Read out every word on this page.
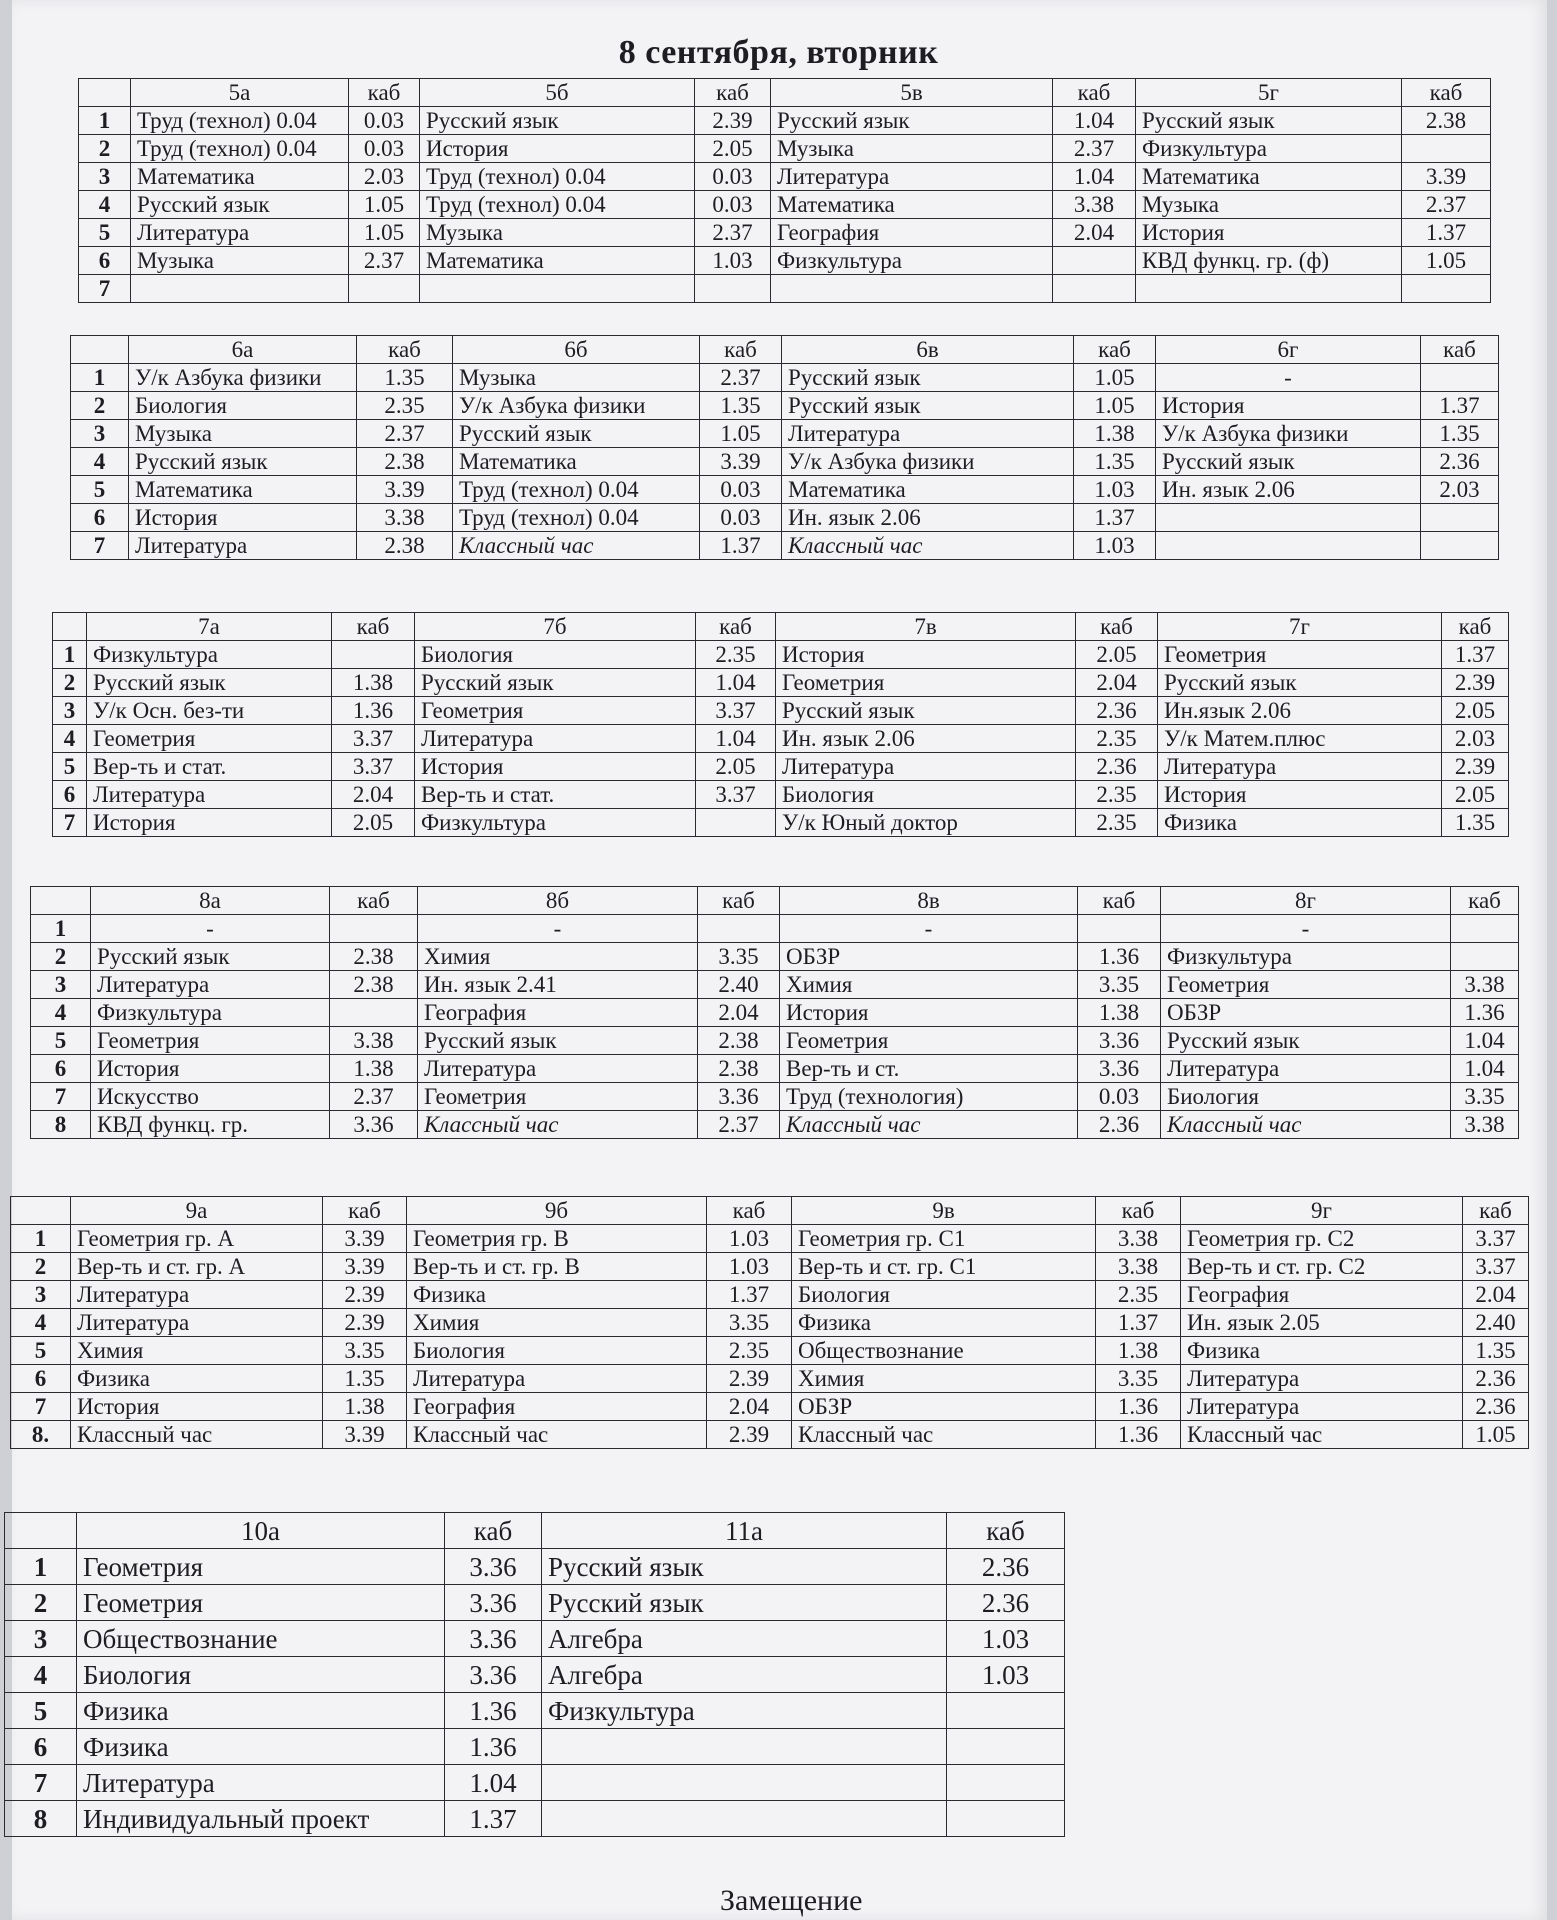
8 сентября, вторник
	5а	каб	5б	каб	5в	каб	5г	каб
1	Труд (технол) 0.04	0.03	Русский язык	2.39	Русский язык	1.04	Русский язык	2.38
2	Труд (технол) 0.04	0.03	История	2.05	Музыка	2.37	Физкультура	
3	Математика	2.03	Труд (технол) 0.04	0.03	Литература	1.04	Математика	3.39
4	Русский язык	1.05	Труд (технол) 0.04	0.03	Математика	3.38	Музыка	2.37
5	Литература	1.05	Музыка	2.37	География	2.04	История	1.37
6	Музыка	2.37	Математика	1.03	Физкультура		КВД функц. гр. (ф)	1.05
7								
	6а	каб	6б	каб	6в	каб	6г	каб
1	У/к Азбука физики	1.35	Музыка	2.37	Русский язык	1.05	-	
2	Биология	2.35	У/к Азбука физики	1.35	Русский язык	1.05	История	1.37
3	Музыка	2.37	Русский язык	1.05	Литература	1.38	У/к Азбука физики	1.35
4	Русский язык	2.38	Математика	3.39	У/к Азбука физики	1.35	Русский язык	2.36
5	Математика	3.39	Труд (технол) 0.04	0.03	Математика	1.03	Ин. язык 2.06	2.03
6	История	3.38	Труд (технол) 0.04	0.03	Ин. язык 2.06	1.37		
7	Литература	2.38	Классный час	1.37	Классный час	1.03		
	7а	каб	7б	каб	7в	каб	7г	каб
1	Физкультура		Биология	2.35	История	2.05	Геометрия	1.37
2	Русский язык	1.38	Русский язык	1.04	Геометрия	2.04	Русский язык	2.39
3	У/к Осн. без-ти	1.36	Геометрия	3.37	Русский язык	2.36	Ин.язык 2.06	2.05
4	Геометрия	3.37	Литература	1.04	Ин. язык 2.06	2.35	У/к Матем.плюс	2.03
5	Вер-ть и стат.	3.37	История	2.05	Литература	2.36	Литература	2.39
6	Литература	2.04	Вер-ть и стат.	3.37	Биология	2.35	История	2.05
7	История	2.05	Физкультура		У/к Юный доктор	2.35	Физика	1.35
	8а	каб	8б	каб	8в	каб	8г	каб
1	-		-		-		-	
2	Русский язык	2.38	Химия	3.35	ОБЗР	1.36	Физкультура	
3	Литература	2.38	Ин. язык 2.41	2.40	Химия	3.35	Геометрия	3.38
4	Физкультура		География	2.04	История	1.38	ОБЗР	1.36
5	Геометрия	3.38	Русский язык	2.38	Геометрия	3.36	Русский язык	1.04
6	История	1.38	Литература	2.38	Вер-ть и ст.	3.36	Литература	1.04
7	Искусство	2.37	Геометрия	3.36	Труд (технология)	0.03	Биология	3.35
8	КВД функц. гр.	3.36	Классный час	2.37	Классный час	2.36	Классный час	3.38
	9а	каб	9б	каб	9в	каб	9г	каб
1	Геометрия гр. А	3.39	Геометрия гр. В	1.03	Геометрия гр. С1	3.38	Геометрия гр. С2	3.37
2	Вер-ть и ст. гр. А	3.39	Вер-ть и ст. гр. В	1.03	Вер-ть и ст. гр. С1	3.38	Вер-ть и ст. гр. С2	3.37
3	Литература	2.39	Физика	1.37	Биология	2.35	География	2.04
4	Литература	2.39	Химия	3.35	Физика	1.37	Ин. язык 2.05	2.40
5	Химия	3.35	Биология	2.35	Обществознание	1.38	Физика	1.35
6	Физика	1.35	Литература	2.39	Химия	3.35	Литература	2.36
7	История	1.38	География	2.04	ОБЗР	1.36	Литература	2.36
8.	Классный час	3.39	Классный час	2.39	Классный час	1.36	Классный час	1.05
	10а	каб	11а	каб
1	Геометрия	3.36	Русский язык	2.36
2	Геометрия	3.36	Русский язык	2.36
3	Обществознание	3.36	Алгебра	1.03
4	Биология	3.36	Алгебра	1.03
5	Физика	1.36	Физкультура	
6	Физика	1.36		
7	Литература	1.04		
8	Индивидуальный проект	1.37		
Замещение
